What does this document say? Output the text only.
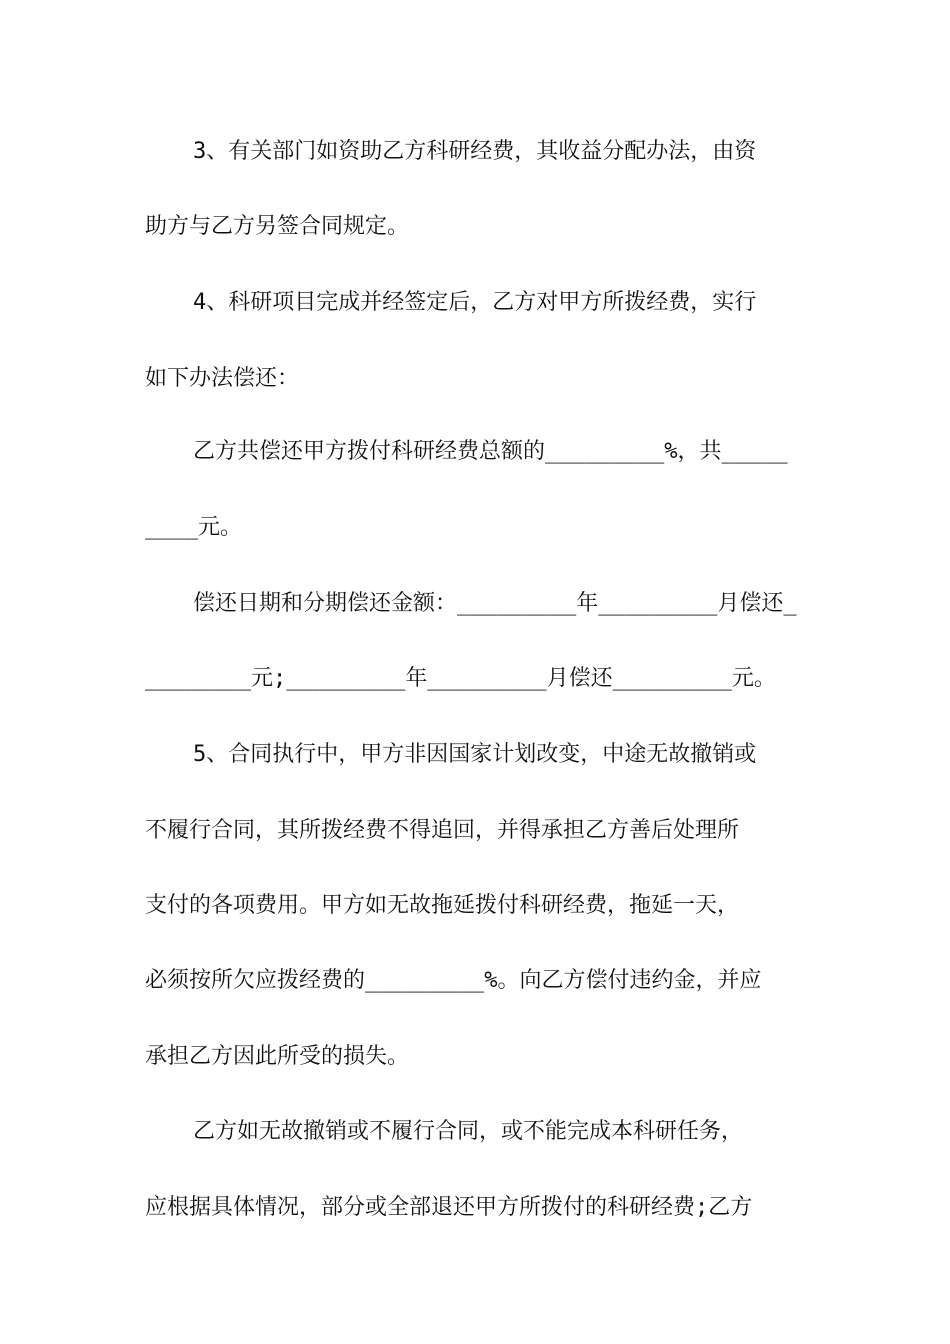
3、有关部门如资助乙方科研经费，其收益分配办法，由资
助方与乙方另签合同规定。
4、科研项目完成并经签定后，乙方对甲方所拨经费，实行
如下办法偿还：
乙方共偿还甲方拨付科研经费总额的_________%，共_____
____元。
偿还日期和分期偿还金额：_________年_________月偿还_
________元;_________年_________月偿还_________元。
5、合同执行中，甲方非因国家计划改变，中途无故撤销或
不履行合同，其所拨经费不得追回，并得承担乙方善后处理所
支付的各项费用。甲方如无故拖延拨付科研经费，拖延一天，
必须按所欠应拨经费的_________%。向乙方偿付违约金，并应
承担乙方因此所受的损失。
乙方如无故撤销或不履行合同，或不能完成本科研任务，
应根据具体情况，部分或全部退还甲方所拨付的科研经费;乙方
